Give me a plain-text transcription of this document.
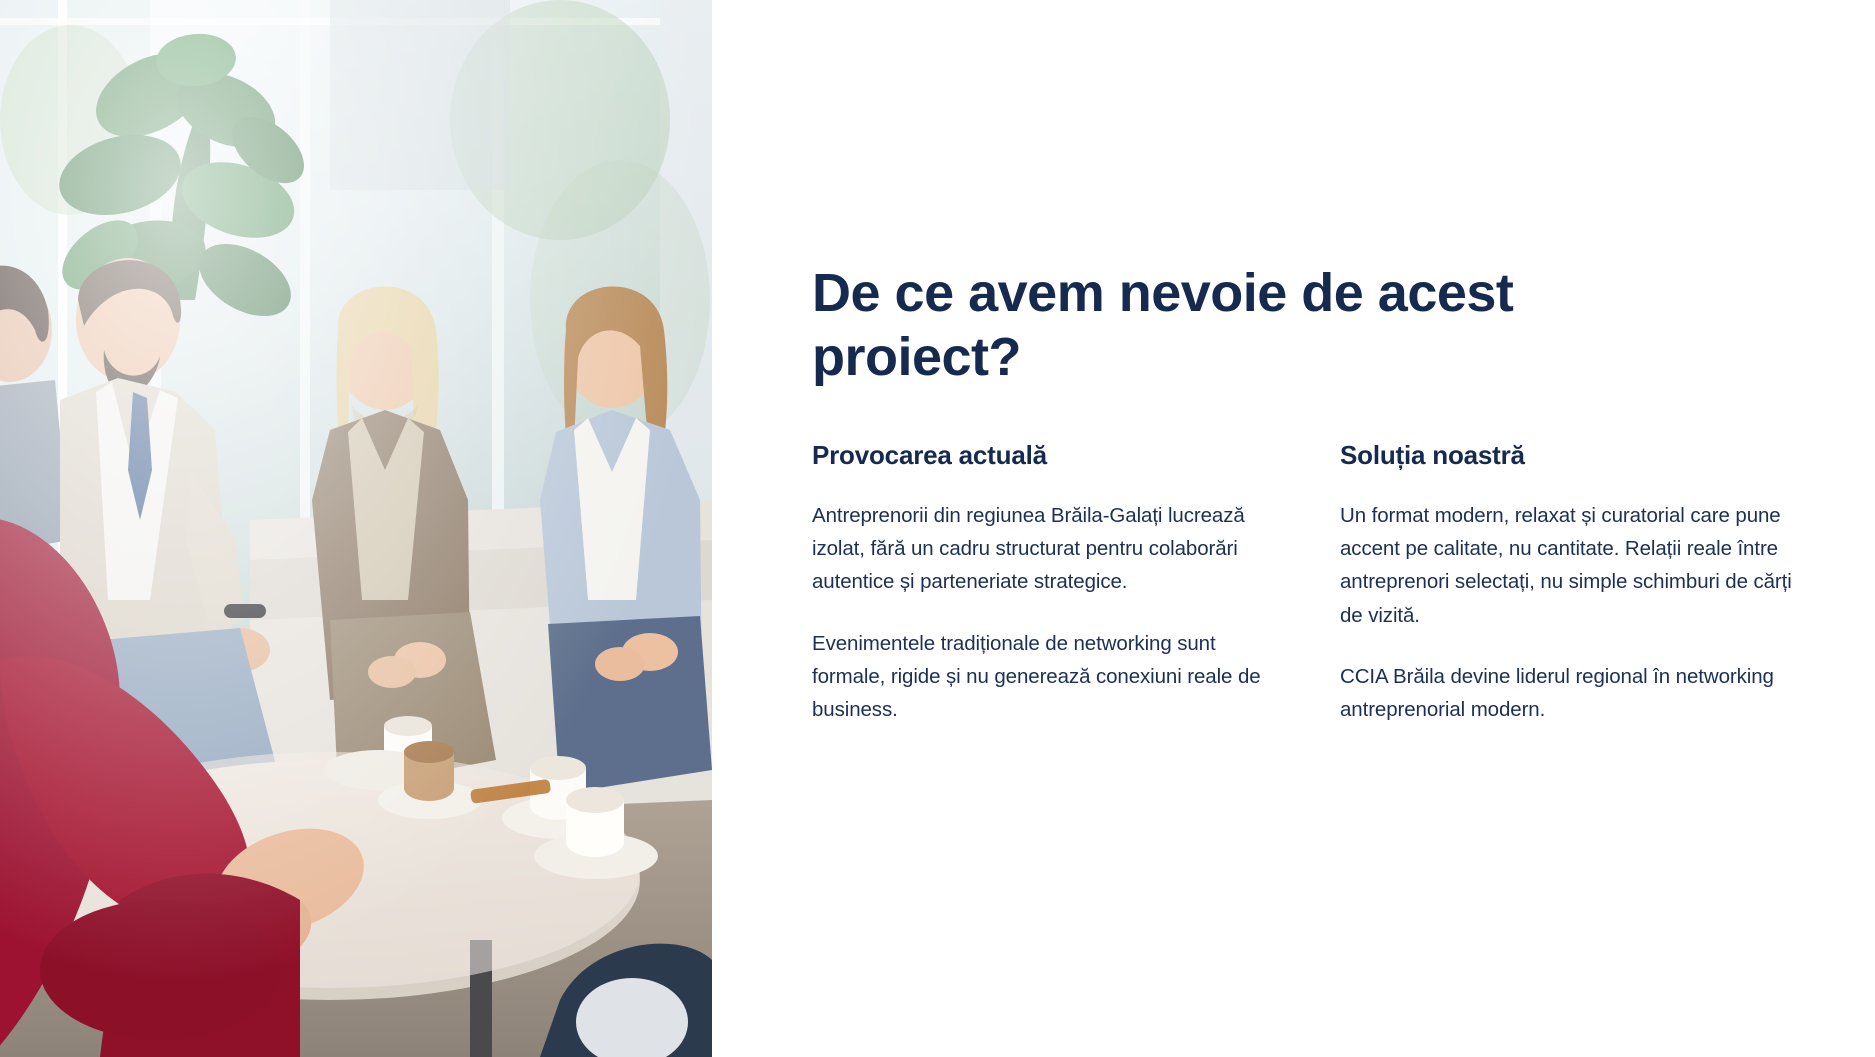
De ce avem nevoie de acest proiect?
Provocarea actuală

Antreprenorii din regiunea Brăila-Galați lucrează izolat, fără un cadru structurat pentru colaborări autentice și parteneriate strategice.

Evenimentele tradiționale de networking sunt formale, rigide și nu generează conexiuni reale de business.

Soluția noastră

Un format modern, relaxat și curatorial care pune accent pe calitate, nu cantitate. Relații reale între antreprenori selectați, nu simple schimburi de cărți de vizită.

CCIA Brăila devine liderul regional în networking antreprenorial modern.
